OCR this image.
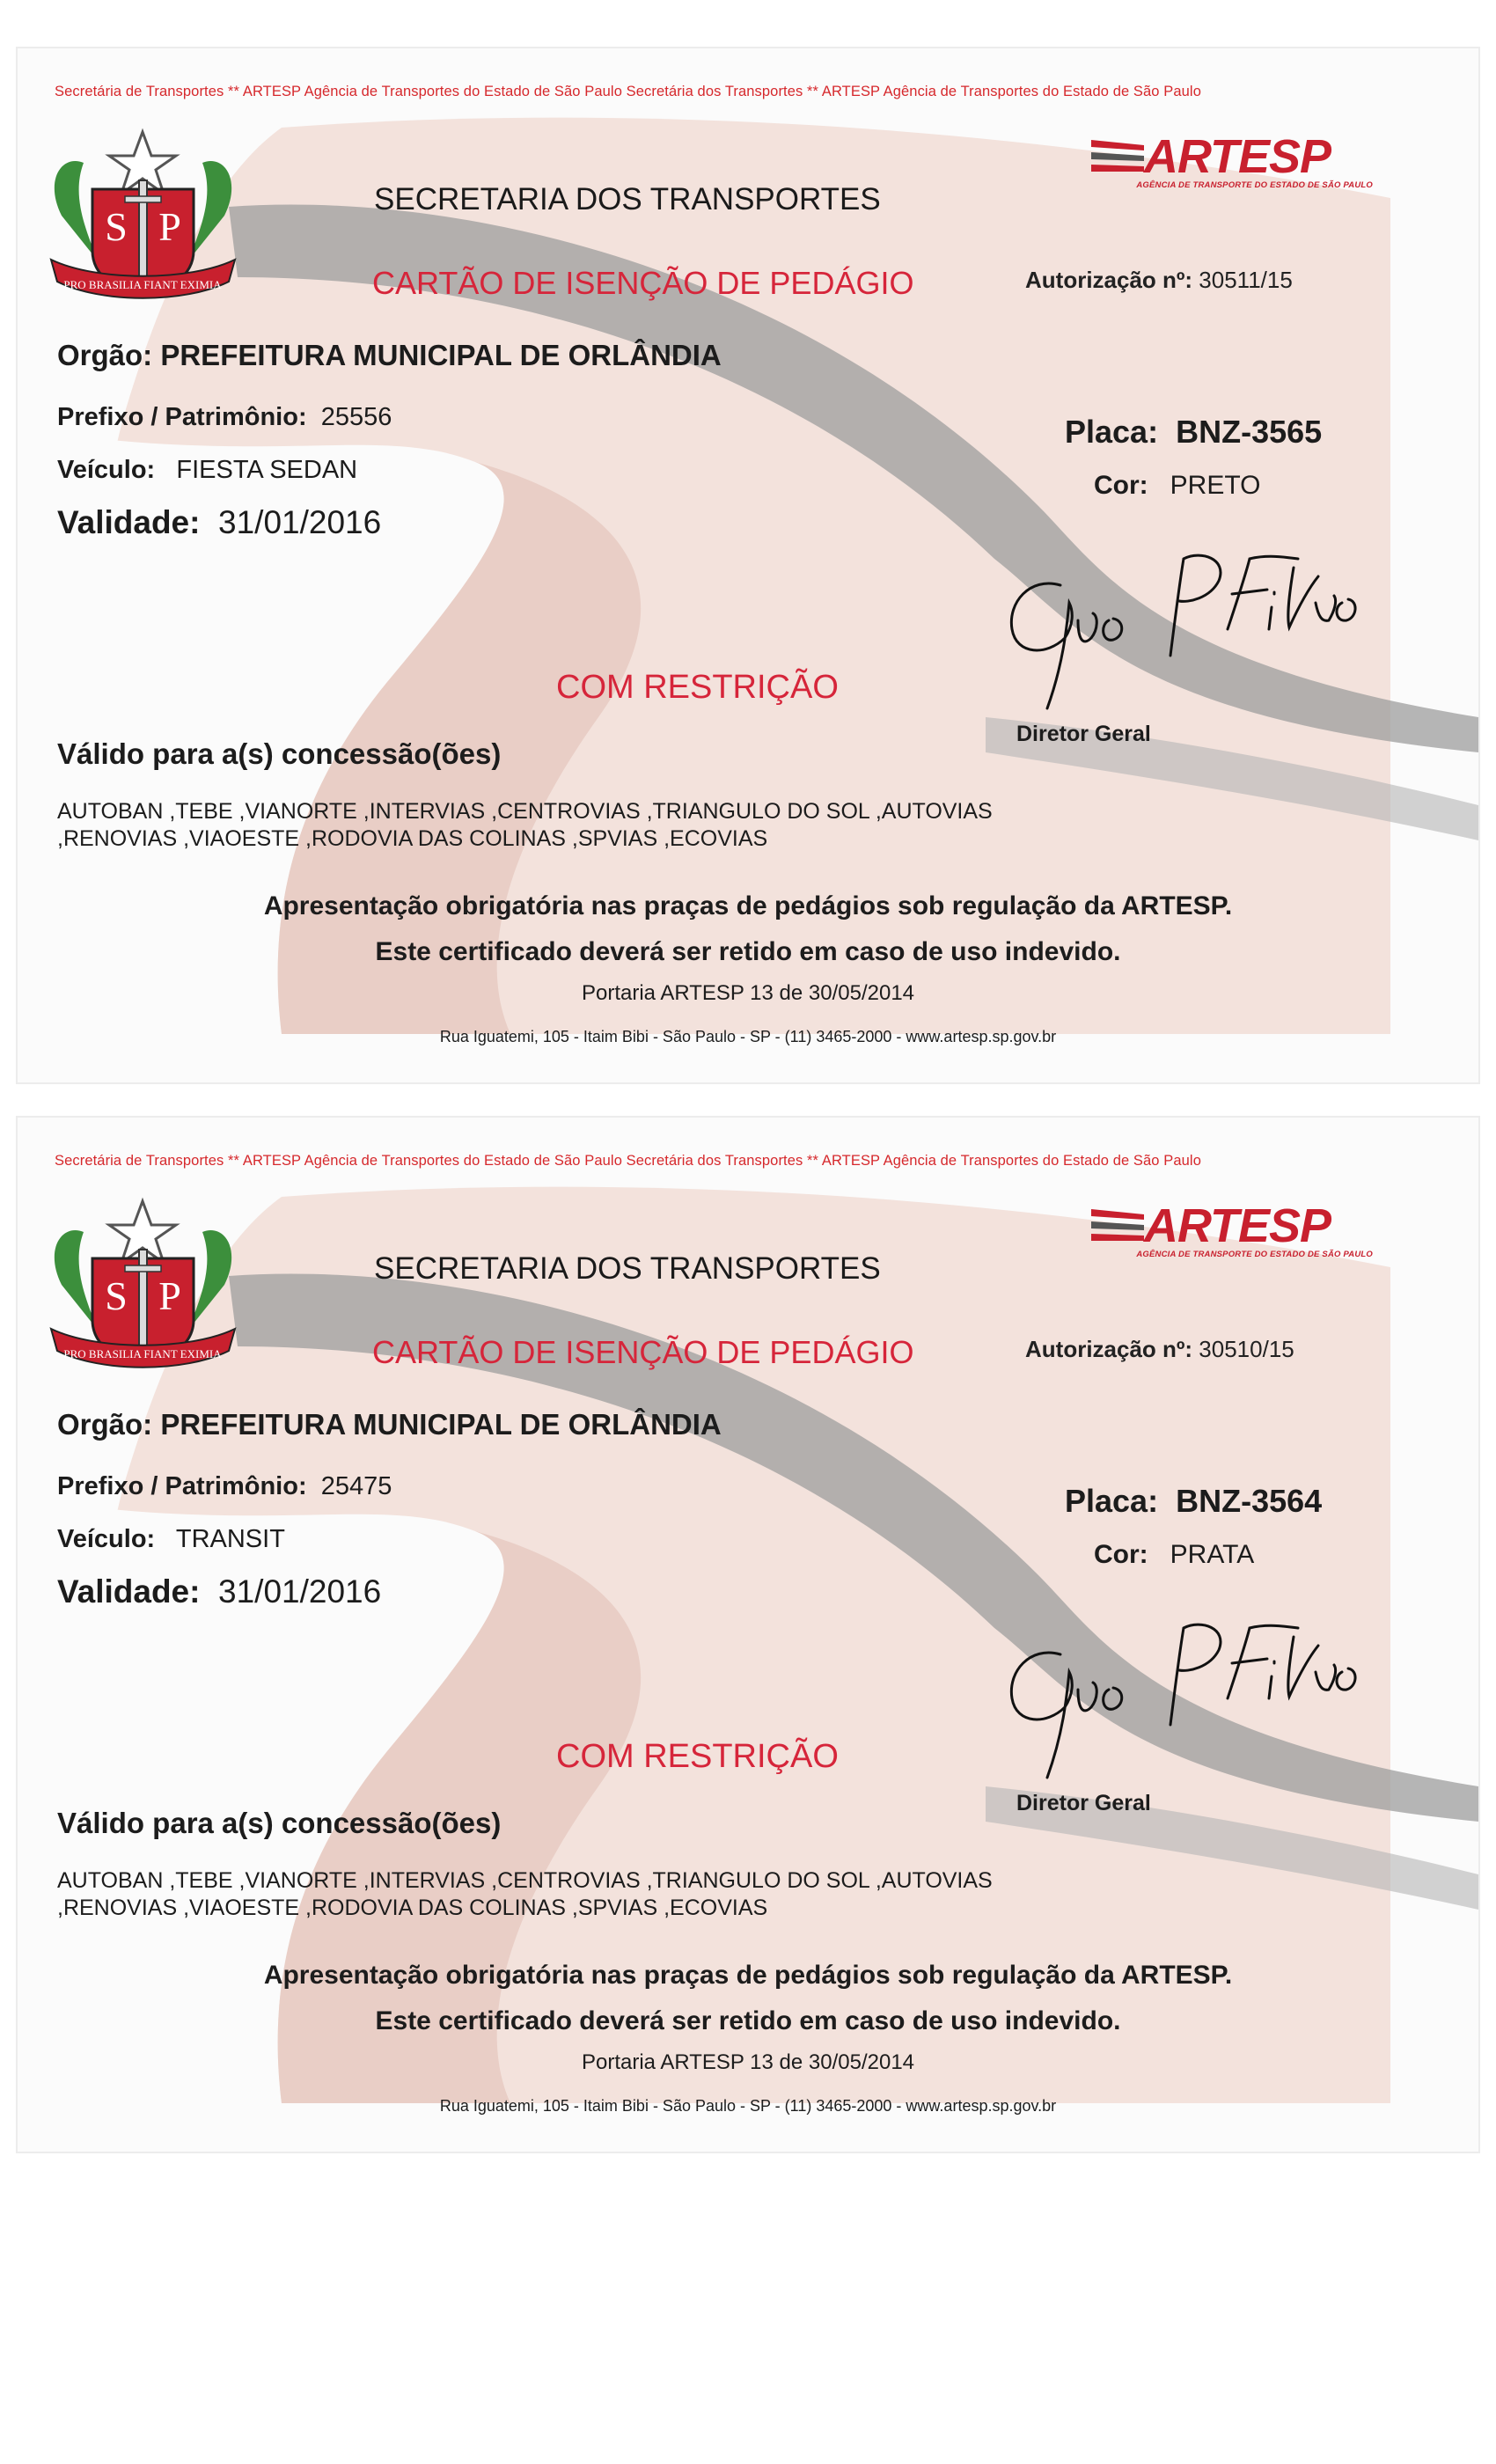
Secretária de Transportes ** ARTESP Agência de Transportes do Estado de São Paulo Secretária dos Transportes ** ARTESP Agência de Transportes do Estado de São Paulo
S P
PRO BRASILIA FIANT EXIMIA
ARTESP
AGÊNCIA DE TRANSPORTE DO ESTADO DE SÃO PAULO
SECRETARIA DOS TRANSPORTES
CARTÃO DE ISENÇÃO DE PEDÁGIO	Autorização nº: 30511/15
Orgão: PREFEITURA MUNICIPAL DE ORLÂNDIA
Prefixo / Patrimônio: 25556
Veículo: FIESTA SEDAN
Validade: 31/01/2016
Placa: BNZ-3565
Cor: PRETO
Diretor Geral
COM RESTRIÇÃO
Válido para a(s) concessão(ões)
AUTOBAN ,TEBE ,VIANORTE ,INTERVIAS ,CENTROVIAS ,TRIANGULO DO SOL ,AUTOVIAS ,RENOVIAS ,VIAOESTE ,RODOVIA DAS COLINAS ,SPVIAS ,ECOVIAS
Apresentação obrigatória nas praças de pedágios sob regulação da ARTESP.
Este certificado deverá ser retido em caso de uso indevido.
Portaria ARTESP 13 de 30/05/2014
Rua Iguatemi, 105 - Itaim Bibi - São Paulo - SP - (11) 3465-2000 - www.artesp.sp.gov.br
Secretária de Transportes ** ARTESP Agência de Transportes do Estado de São Paulo Secretária dos Transportes ** ARTESP Agência de Transportes do Estado de São Paulo
S P
PRO BRASILIA FIANT EXIMIA
ARTESP
AGÊNCIA DE TRANSPORTE DO ESTADO DE SÃO PAULO
SECRETARIA DOS TRANSPORTES
CARTÃO DE ISENÇÃO DE PEDÁGIO	Autorização nº: 30510/15
Orgão: PREFEITURA MUNICIPAL DE ORLÂNDIA
Prefixo / Patrimônio: 25475
Veículo: TRANSIT
Validade: 31/01/2016
Placa: BNZ-3564
Cor: PRATA
Diretor Geral
COM RESTRIÇÃO
Válido para a(s) concessão(ões)
AUTOBAN ,TEBE ,VIANORTE ,INTERVIAS ,CENTROVIAS ,TRIANGULO DO SOL ,AUTOVIAS ,RENOVIAS ,VIAOESTE ,RODOVIA DAS COLINAS ,SPVIAS ,ECOVIAS
Apresentação obrigatória nas praças de pedágios sob regulação da ARTESP.
Este certificado deverá ser retido em caso de uso indevido.
Portaria ARTESP 13 de 30/05/2014
Rua Iguatemi, 105 - Itaim Bibi - São Paulo - SP - (11) 3465-2000 - www.artesp.sp.gov.br
